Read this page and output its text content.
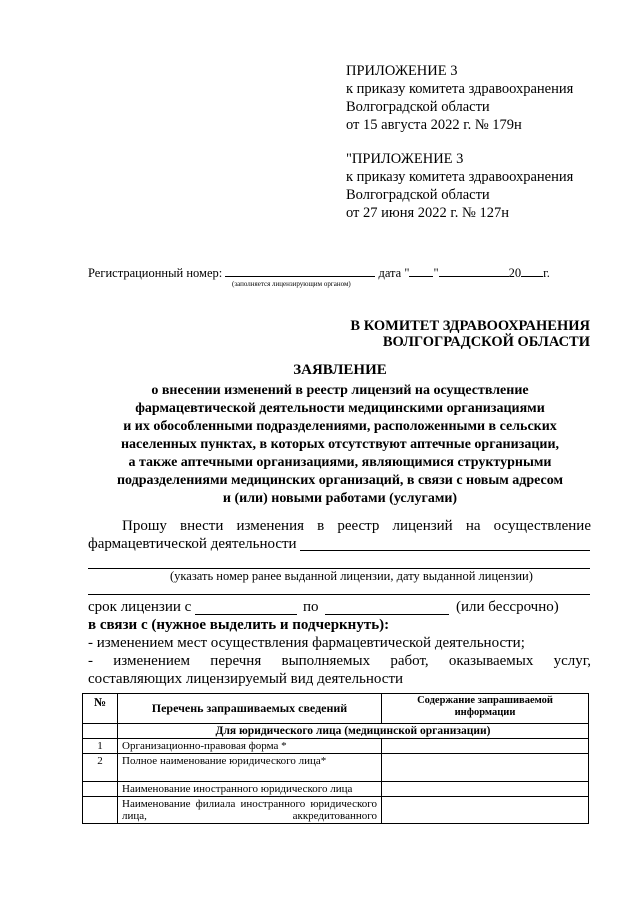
ПРИЛОЖЕНИЕ 3
к приказу комитета здравоохранения
Волгоградской области
от 15 августа 2022 г. № 179н
"ПРИЛОЖЕНИЕ 3
к приказу комитета здравоохранения
Волгоградской области
от 27 июня 2022 г. № 127н
Регистрационный номер:	дата " "	20 г.
(заполняется лицензирующим органом)
В КОМИТЕТ ЗДРАВООХРАНЕНИЯ
ВОЛГОГРАДСКОЙ ОБЛАСТИ
ЗАЯВЛЕНИЕ
о внесении изменений в реестр лицензий на осуществление
фармацевтической деятельности медицинскими организациями
и их обособленными подразделениями, расположенными в сельских
населенных пунктах, в которых отсутствуют аптечные организации,
а также аптечными организациями, являющимися структурными
подразделениями медицинских организаций, в связи с новым адресом
и (или) новыми работами (услугами)
Прошу внести изменения в реестр лицензий на осуществление
фармацевтической деятельности
(указать номер ранее выданной лицензии, дату выданной лицензии)
срок лицензии с	по	(или бессрочно)
в связи с (нужное выделить и подчеркнуть):
- изменением мест осуществления фармацевтической деятельности;
- изменением перечня выполняемых работ, оказываемых услуг,
составляющих лицензируемый вид деятельности
№	Перечень запрашиваемых сведений	Содержание запрашиваемой информации
	Для юридического лица (медицинской организации)	
1	Организационно-правовая форма *	
2	Полное наименование юридического лица*	
	Наименование иностранного юридического лица	
	Наименование филиала иностранного юридического лица, аккредитованного	
